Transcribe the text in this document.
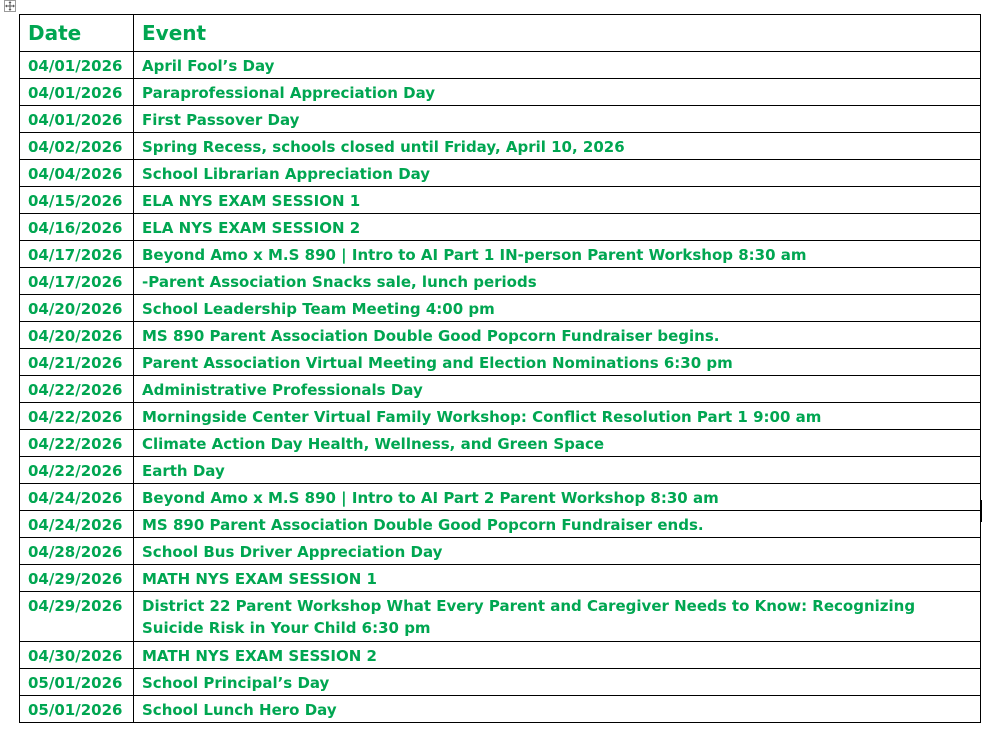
Date	Event
04/01/2026	April Fool’s Day
04/01/2026	Paraprofessional Appreciation Day
04/01/2026	First Passover Day
04/02/2026	Spring Recess, schools closed until Friday, April 10, 2026
04/04/2026	School Librarian Appreciation Day
04/15/2026	ELA NYS EXAM SESSION 1
04/16/2026	ELA NYS EXAM SESSION 2
04/17/2026	Beyond Amo x M.S 890 | Intro to AI Part 1 IN-person Parent Workshop 8:30 am
04/17/2026	-Parent Association Snacks sale, lunch periods
04/20/2026	School Leadership Team Meeting 4:00 pm
04/20/2026	MS 890 Parent Association Double Good Popcorn Fundraiser begins.
04/21/2026	Parent Association Virtual Meeting and Election Nominations 6:30 pm
04/22/2026	Administrative Professionals Day
04/22/2026	Morningside Center Virtual Family Workshop: Conflict Resolution Part 1 9:00 am
04/22/2026	Climate Action Day Health, Wellness, and Green Space
04/22/2026	Earth Day
04/24/2026	Beyond Amo x M.S 890 | Intro to AI Part 2 Parent Workshop 8:30 am
04/24/2026	MS 890 Parent Association Double Good Popcorn Fundraiser ends.
04/28/2026	School Bus Driver Appreciation Day
04/29/2026	MATH NYS EXAM SESSION 1
04/29/2026	District 22 Parent Workshop What Every Parent and Caregiver Needs to Know: Recognizing Suicide Risk in Your Child 6:30 pm
04/30/2026	MATH NYS EXAM SESSION 2
05/01/2026	School Principal’s Day
05/01/2026	School Lunch Hero Day
